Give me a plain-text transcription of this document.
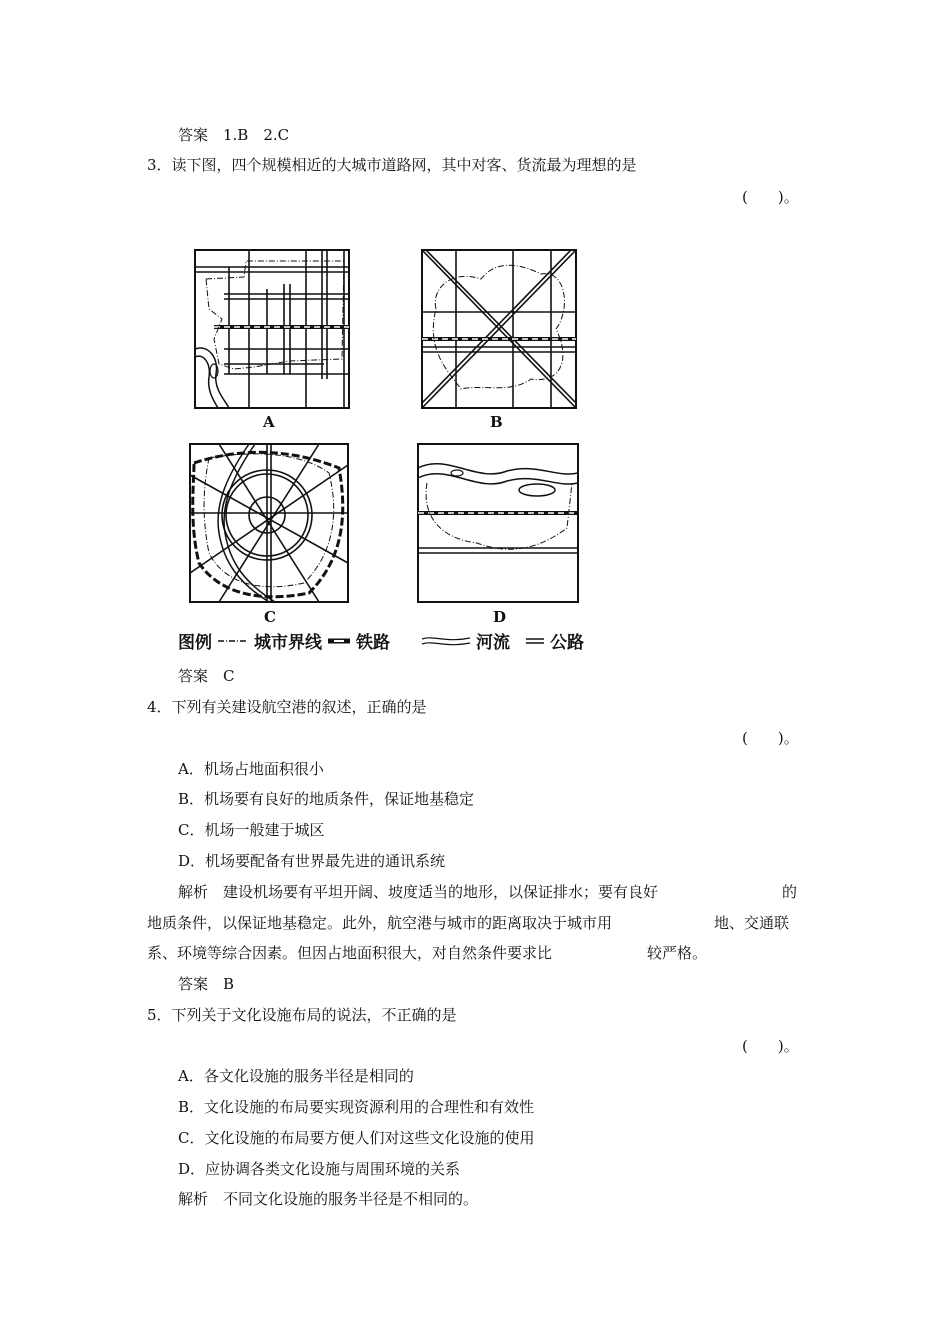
答案　1.B　2.C
3．读下图，四个规模相近的大城市道路网，其中对客、货流最为理想的是
(　　)。
A	B
C	D
图例 城市界线 铁路	河流 公路
答案　C
4．下列有关建设航空港的叙述，正确的是
(　　)。
A．机场占地面积很小
B．机场要有良好的地质条件，保证地基稳定
C．机场一般建于城区
D．机场要配备有世界最先进的通讯系统
解析　建设机场要有平坦开阔、坡度适当的地形，以保证排水；要有良好	的
地质条件，以保证地基稳定。此外，航空港与城市的距离取决于城市用	地、交通联
系、环境等综合因素。但因占地面积很大，对自然条件要求比	较严格。
答案　B
5．下列关于文化设施布局的说法，不正确的是
(　　)。
A．各文化设施的服务半径是相同的
B．文化设施的布局要实现资源利用的合理性和有效性
C．文化设施的布局要方便人们对这些文化设施的使用
D．应协调各类文化设施与周围环境的关系
解析　不同文化设施的服务半径是不相同的。
